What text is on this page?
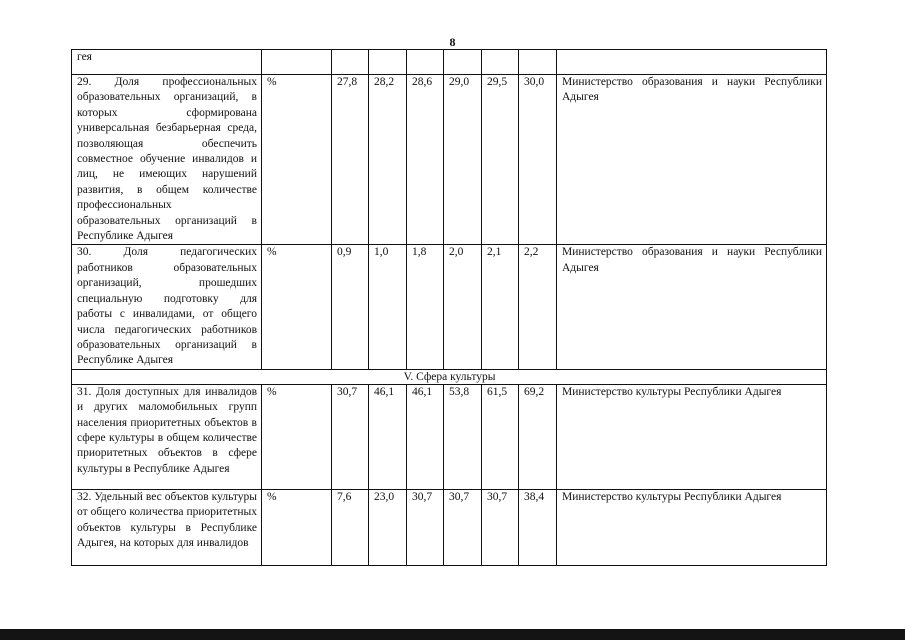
8
гея								

29. Доля профессиональных образовательных организаций, в которых сформирована универсальная безбарьерная среда, позволяющая обеспечить совместное обучение инвалидов и лиц, не имеющих нарушений развития, в общем количестве профессиональных образовательных организаций в Республике Адыгея	%	27,8	28,2	28,6	29,0	29,5	30,0	Министерство образования и науки Республики Адыгея

30. Доля педагогических работников образовательных организаций, прошедших специальную подготовку для работы с инвалидами, от общего числа педагогических работников образовательных организаций в Республике Адыгея	%	0,9	1,0	1,8	2,0	2,1	2,2	Министерство образования и науки Республики Адыгея
V. Сфера культуры								

31. Доля доступных для инвалидов и других маломобильных групп населения приоритетных объектов в сфере культуры в общем количестве приоритетных объектов в сфере культуры в Республике Адыгея	%	30,7	46,1	46,1	53,8	61,5	69,2	Министерство культуры Республики Адыгея

32. Удельный вес объектов культуры от общего количества приоритетных объектов культуры в Республике Адыгея, на которых для инвалидов	%	7,6	23,0	30,7	30,7	30,7	38,4	Министерство культуры Республики Адыгея
